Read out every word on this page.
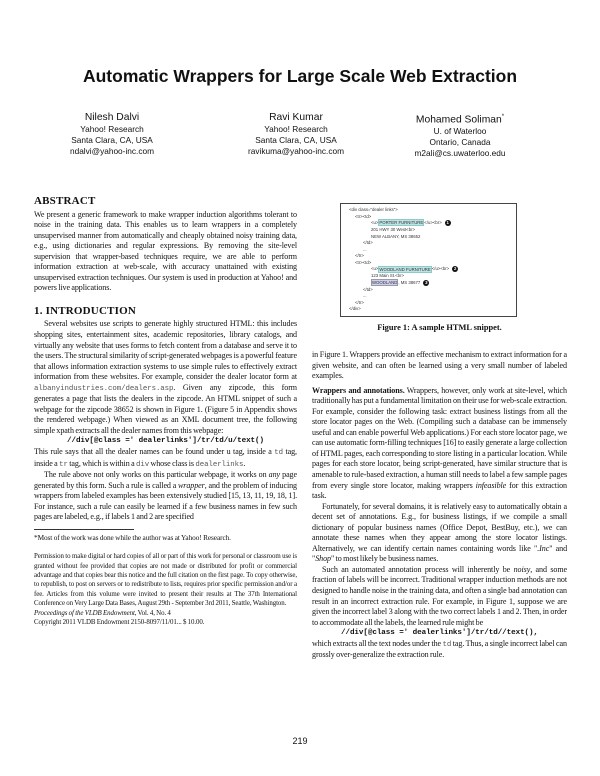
Automatic Wrappers for Large Scale Web Extraction
Nilesh Dalvi
Yahoo! Research
Santa Clara, CA, USA
ndalvi@yahoo-inc.com
Ravi Kumar
Yahoo! Research
Santa Clara, CA, USA
ravikuma@yahoo-inc.com
Mohamed Soliman*
U. of Waterloo
Ontario, Canada
m2ali@cs.uwaterloo.edu
ABSTRACT

We present a generic framework to make wrapper induction algorithms tolerant to noise in the training data. This enables us to learn wrappers in a completely unsupervised manner from automatically and cheaply obtained noisy training data, e.g., using dictionaries and regular expressions. By removing the site-level supervision that wrapper-based techniques require, we are able to perform information extraction at web-scale, with accuracy unattained with existing unsupervised extraction techniques. Our system is used in production at Yahoo! and powers live applications.

1. INTRODUCTION

Several websites use scripts to generate highly structured HTML: this includes shopping sites, entertainment sites, academic repositories, library catalogs, and virtually any website that uses forms to fetch content from a database and serve it to the users. The structural similarity of script-generated webpages is a powerful feature that allows information extraction systems to use simple rules to effectively extract information from these websites. For example, consider the dealer locator form at albanyindustries.com/dealers.asp. Given any zipcode, this form generates a page that lists the dealers in the zipcode. An HTML snippet of such a webpage for the zipcode 38652 is shown in Figure 1. (Figure 5 in Appendix shows the rendered webpage.) When viewed as an XML document tree, the following simple xpath extracts all the dealer names from this webpage:

//div[@class =' dealerlinks']/tr/td/u/text()

This rule says that all the dealer names can be found under u tag, inside a td tag, inside a tr tag, which is within a div whose class is dealerlinks.

The rule above not only works on this particular webpage, it works on any page generated by this form. Such a rule is called a wrapper, and the problem of inducing wrappers from labeled examples has been extensively studied [15, 13, 11, 19, 18, 1]. For instance, such a rule can easily be learned if a few business names in few such pages are labeled, e.g., if labels 1 and 2 are specified

*Most of the work was done while the author was at Yahoo! Research.
Permission to make digital or hard copies of all or part of this work for personal or classroom use is granted without fee provided that copies are not made or distributed for profit or commercial advantage and that copies bear this notice and the full citation on the first page. To copy otherwise, to republish, to post on servers or to redistribute to lists, requires prior specific permission and/or a fee. Articles from this volume were invited to present their results at The 37th International Conference on Very Large Data Bases, August 29th - September 3rd 2011, Seattle, Washington.
Proceedings of the VLDB Endowment, Vol. 4, No. 4
Copyright 2011 VLDB Endowment 2150-8097/11/01... $ 10.00.
<div class="dealer links">
<tr><td>
<u>PORTER FURNITURE</u><br> 1
201 HWY 30 West<br>
NEW ALBANY, MS 38652
</td>
...
</tr>
<tr><td>
<u>WOODLAND FURNITURE</u><br> 2
123 Main St.<br>
WOODLAND, MS 38677 3
</td>
...
</tr>
</div>
Figure 1: A sample HTML snippet.

in Figure 1. Wrappers provide an effective mechanism to extract information for a given website, and can often be learned using a very small number of labeled examples.

Wrappers and annotations. Wrappers, however, only work at site-level, which traditionally has put a fundamental limitation on their use for web-scale extraction. For example, consider the following task: extract business listings from all the store locator pages on the Web. (Compiling such a database can be immensely useful and can enable powerful Web applications.) For each store locator page, we can use automatic form-filling techniques [16] to easily generate a large collection of HTML pages, each corresponding to store listing in a particular location. While pages for each store locator, being script-generated, have similar structure that is amenable to rule-based extraction, a human still needs to label a few sample pages from every single store locator, making wrappers infeasible for this extraction task.

Fortunately, for several domains, it is relatively easy to automatically obtain a decent set of annotations. E.g., for business listings, if we compile a small dictionary of popular business names (Office Depot, BestBuy, etc.), we can annotate these names when they appear among the store locator listings. Alternatively, we can identify certain names containing words like ".Inc" and "Shop" to most likely be business names.

Such an automated annotation process will inherently be noisy, and some fraction of labels will be incorrect. Traditional wrapper induction methods are not designed to handle noise in the training data, and often a single bad annotation can result in an incorrect extraction rule. For example, in Figure 1, suppose we are given the incorrect label 3 along with the two correct labels 1 and 2. Then, in order to accommodate all the labels, the learned rule might be

//div[@class =' dealerlinks']/tr/td//text(),

which extracts all the text nodes under the td tag. Thus, a single incorrect label can grossly over-generalize the extraction rule.

219
